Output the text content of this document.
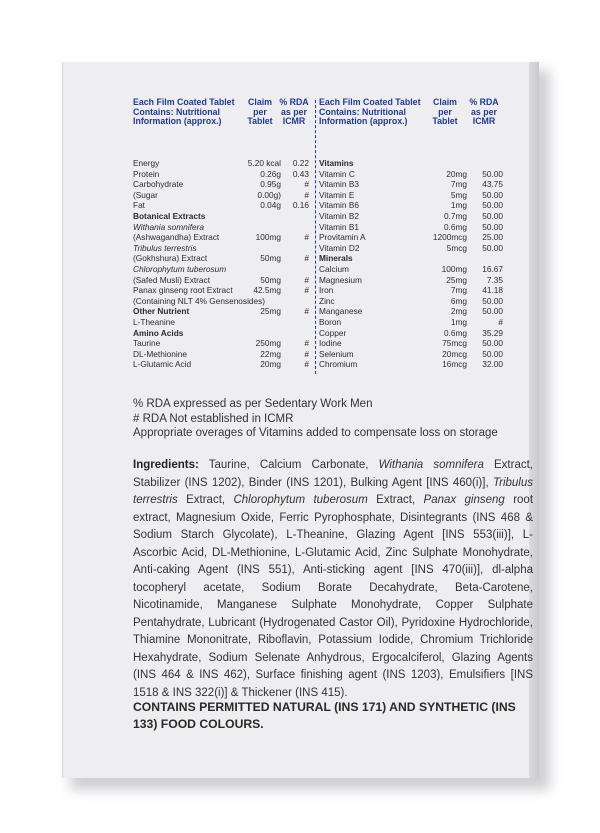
Each Film Coated Tablet Contains: Nutritional Information (approx.)
Claim per Tablet
% RDA as per ICMR
Energy	5.20 kcal	0.22
Protein	0.26g	0.43
Carbohydrate	0.95g	#
(Sugar	0.00g)	#
Fat	0.04g	0.16
Botanical Extracts
Withania somnifera
(Ashwagandha) Extract	100mg	#
Tribulus terrestris
(Gokhshura) Extract	50mg	#
Chlorophytum tuberosum
(Safed Musli) Extract	50mg	#
Panax ginseng root Extract	42.5mg	#
(Containing NLT 4% Gensenosides)
Other Nutrient	25mg	#
L-Theanine
Amino Acids
Taurine	250mg	#
DL-Methionine	22mg	#
L-Glutamic Acid	20mg	#
Each Film Coated Tablet Contains: Nutritional Information (approx.)
Claim per Tablet
% RDA as per ICMR
Vitamins
Vitamin C	20mg	50.00
Vitamin B3	7mg	43.75
Vitamin E	5mg	50.00
Vitamin B6	1mg	50.00
Vitamin B2	0.7mg	50.00
Vitamin B1	0.6mg	50.00
Provitamin A	1200mcg	25.00
Vitamin D2	5mcg	50.00
Minerals
Calcium	100mg	16.67
Magnesium	25mg	7.35
Iron	7mg	41.18
Zinc	6mg	50.00
Manganese	2mg	50.00
Boron	1mg	#
Copper	0.6mg	35.29
Iodine	75mcg	50.00
Selenium	20mcg	50.00
Chromium	16mcg	32.00
% RDA expressed as per Sedentary Work Men
# RDA Not established in ICMR
Appropriate overages of Vitamins added to compensate loss on storage
Ingredients: Taurine, Calcium Carbonate, Withania somnifera Extract, Stabilizer (INS 1202), Binder (INS 1201), Bulking Agent [INS 460(i)], Tribulus terrestris Extract, Chlorophytum tuberosum Extract, Panax ginseng root extract, Magnesium Oxide, Ferric Pyrophosphate, Disintegrants (INS 468 & Sodium Starch Glycolate), L-Theanine, Glazing Agent [INS 553(iii)], L-Ascorbic Acid, DL-Methionine, L-Glutamic Acid, Zinc Sulphate Monohydrate, Anti-caking Agent (INS 551), Anti-sticking agent [INS 470(iii)], dl-alpha tocopheryl acetate, Sodium Borate Decahydrate, Beta-Carotene, Nicotinamide, Manganese Sulphate Monohydrate, Copper Sulphate Pentahydrate, Lubricant (Hydrogenated Castor Oil), Pyridoxine Hydrochloride, Thiamine Mononitrate, Riboflavin, Potassium Iodide, Chromium Trichloride Hexahydrate, Sodium Selenate Anhydrous, Ergocalciferol, Glazing Agents (INS 464 & INS 462), Surface finishing agent (INS 1203), Emulsifiers [INS 1518 & INS 322(i)] & Thickener (INS 415).
CONTAINS PERMITTED NATURAL (INS 171) AND SYNTHETIC (INS 133) FOOD COLOURS.
